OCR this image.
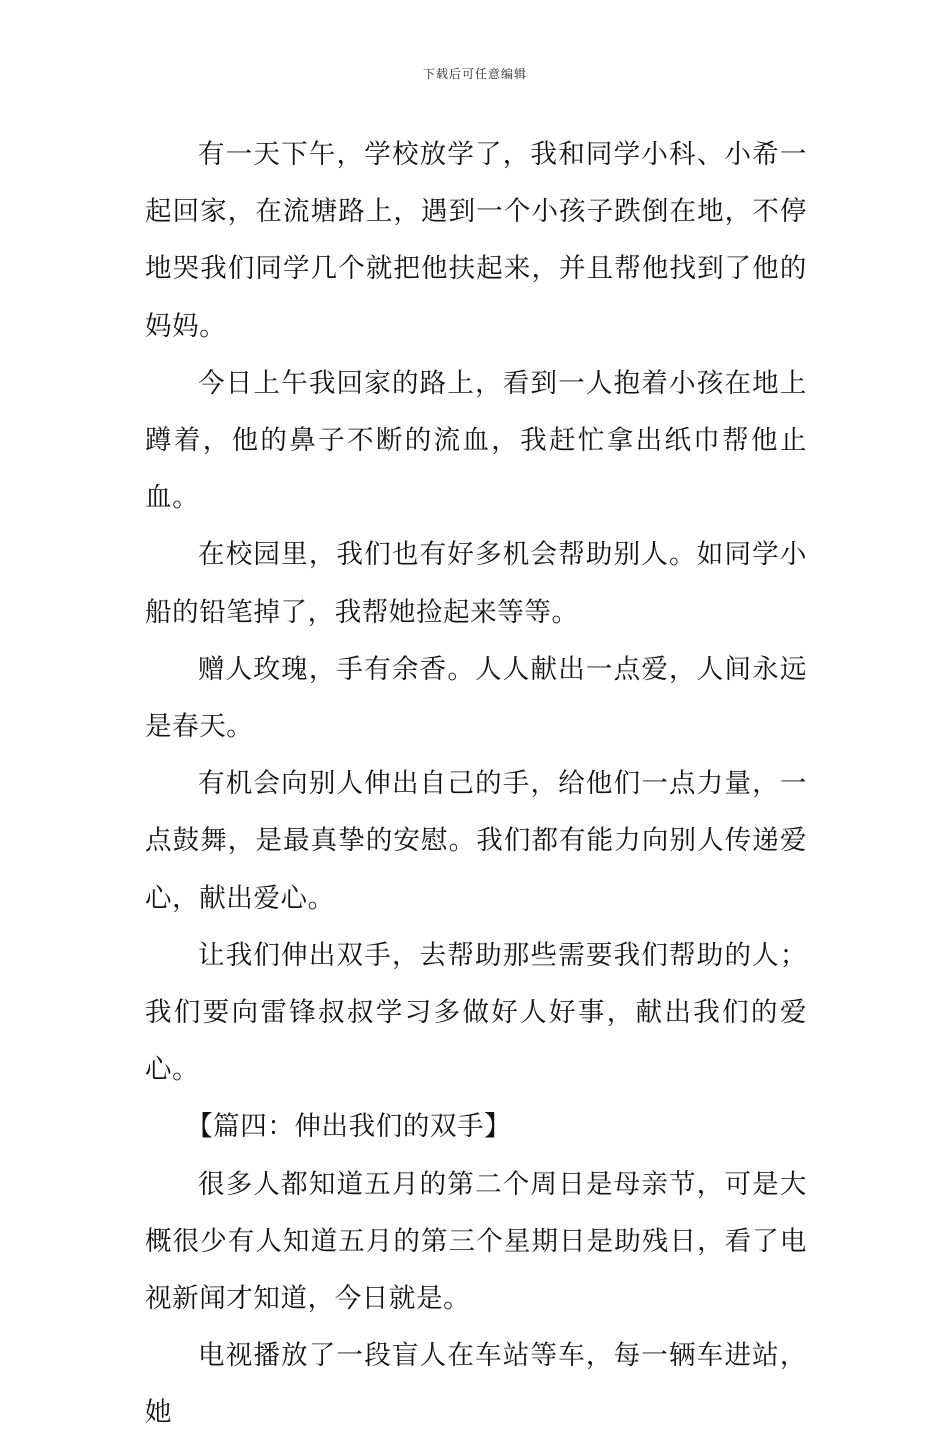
下载后可任意编辑

有一天下午，学校放学了，我和同学小科、小希一起回家，在流塘路上，遇到一个小孩子跌倒在地，不停地哭我们同学几个就把他扶起来，并且帮他找到了他的妈妈。

今日上午我回家的路上，看到一人抱着小孩在地上蹲着，他的鼻子不断的流血，我赶忙拿出纸巾帮他止血。

在校园里，我们也有好多机会帮助别人。如同学小船的铅笔掉了，我帮她捡起来等等。

赠人玫瑰，手有余香。人人献出一点爱，人间永远是春天。

有机会向别人伸出自己的手，给他们一点力量，一点鼓舞，是最真挚的安慰。我们都有能力向别人传递爱心，献出爱心。

让我们伸出双手，去帮助那些需要我们帮助的人；我们要向雷锋叔叔学习多做好人好事，献出我们的爱心。

【篇四：伸出我们的双手】

很多人都知道五月的第二个周日是母亲节，可是大概很少有人知道五月的第三个星期日是助残日，看了电视新闻才知道，今日就是。

电视播放了一段盲人在车站等车，每一辆车进站，她
